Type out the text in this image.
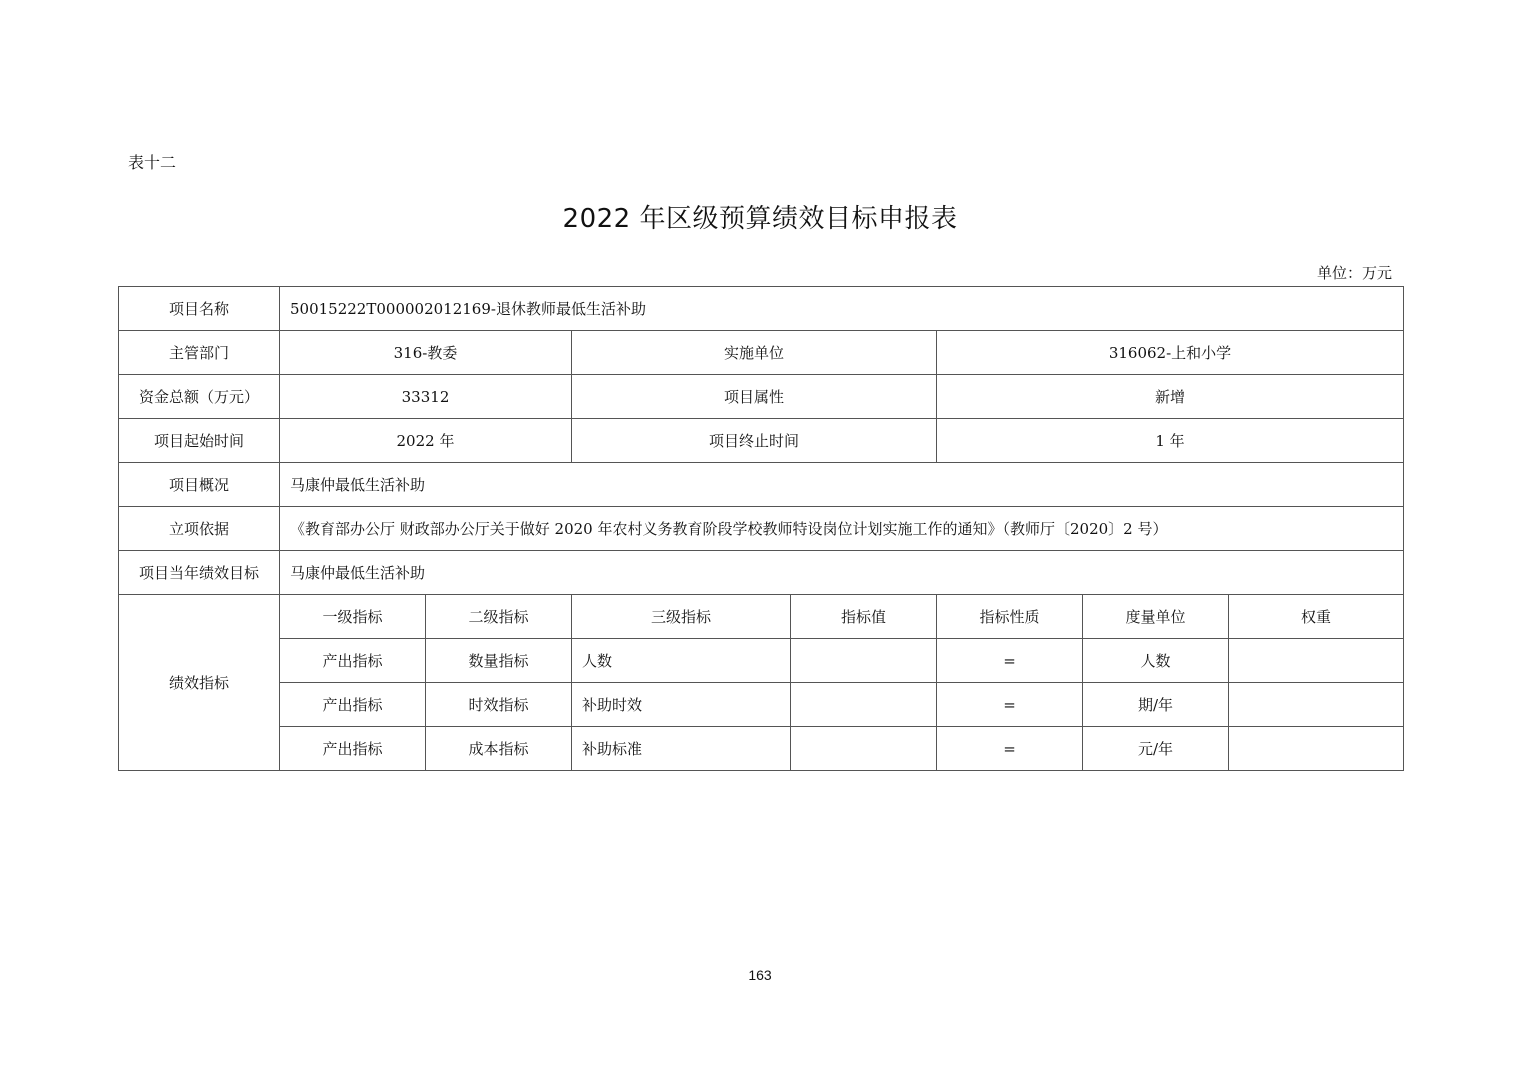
表十二
2022 年区级预算绩效目标申报表
单位：万元
项目名称	50015222T000002012169-退休教师最低生活补助						
主管部门	316-教委		实施单位		316062-上和小学		
资金总额（万元）	33312		项目属性		新增		
项目起始时间	2022 年		项目终止时间		1 年		
项目概况	马康仲最低生活补助						
立项依据	《教育部办公厅 财政部办公厅关于做好 2020 年农村义务教育阶段学校教师特设岗位计划实施工作的通知》（教师厅〔2020〕2 号）						
项目当年绩效目标	马康仲最低生活补助						
绩效指标	一级指标	二级指标	三级指标	指标值	指标性质	度量单位	权重
	产出指标	数量指标	人数		=	人数	
	产出指标	时效指标	补助时效		=	期/年	
	产出指标	成本指标	补助标准		=	元/年	
163
